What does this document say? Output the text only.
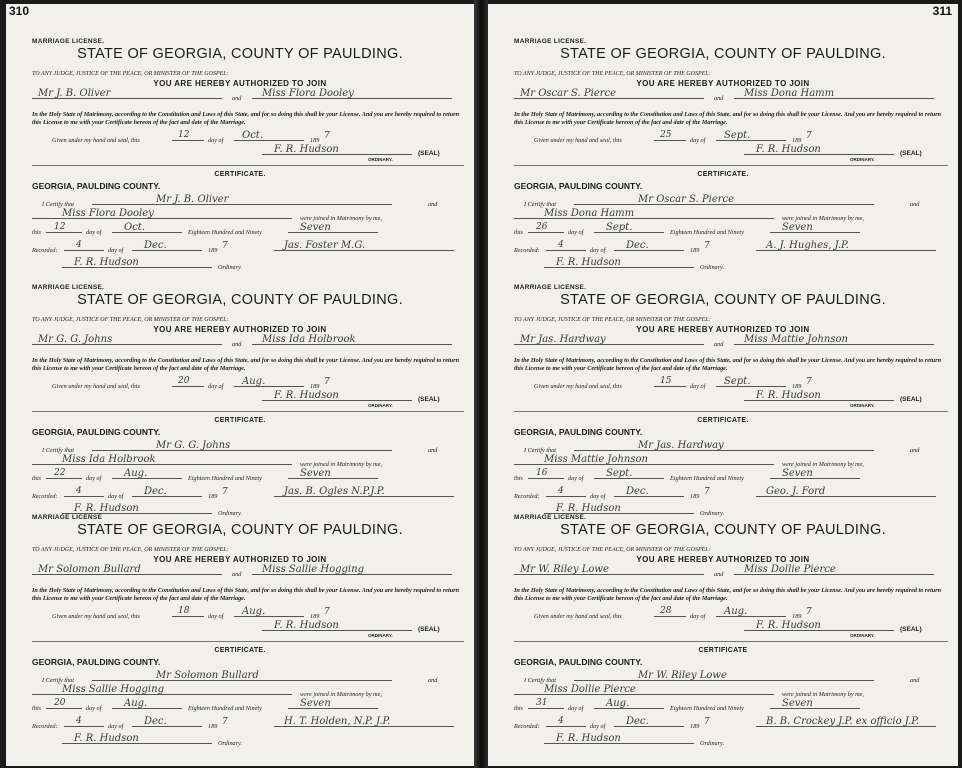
310
MARRIAGE LICENSE.
STATE OF GEORGIA, COUNTY OF PAULDING.
TO ANY JUDGE, JUSTICE OF THE PEACE, OR MINISTER OF THE GOSPEL:
YOU ARE HEREBY AUTHORIZED TO JOIN
Mr J. B. Oliver	and Miss Flora Dooley
In the Holy State of Matrimony, according to the Constitution and Laws of this State, and for so doing this shall be your License. And you are hereby required to return this License to me with your Certificate hereon of the fact and date of the Marriage.
Given under my hand and seal, this
12
day of Oct.	189 7
F. R. Hudson	(SEAL)
ORDINARY.
CERTIFICATE.
GEORGIA, PAULDING COUNTY.
I Certify that	Mr J. B. Oliver	and
Miss Flora Dooley	were joined in Matrimony by me,
this
12
day of Oct.	Eighteen Hundred and Ninety	Seven
Recorded:
4
day of Dec.	189 7	Jas. Foster M.G.
F. R. Hudson	Ordinary.
MARRIAGE LICENSE.
STATE OF GEORGIA, COUNTY OF PAULDING.
TO ANY JUDGE, JUSTICE OF THE PEACE, OR MINISTER OF THE GOSPEL:
YOU ARE HEREBY AUTHORIZED TO JOIN
Mr G. G. Johns	and Miss Ida Holbrook
In the Holy State of Matrimony, according to the Constitution and Laws of this State, and for so doing this shall be your License. And you are hereby required to return this License to me with your Certificate hereon of the fact and date of the Marriage.
Given under my hand and seal, this
20
day of Aug.	189 7
F. R. Hudson	(SEAL)
ORDINARY.
CERTIFICATE.
GEORGIA, PAULDING COUNTY.
I Certify that	Mr G. G. Johns	and
Miss Ida Holbrook	were joined in Matrimony by me,
this
22
day of Aug.	Eighteen Hundred and Ninety	Seven
Recorded:
4
day of Dec.	189 7	Jas. B. Ogles N.P.J.P.
F. R. Hudson	Ordinary.
MARRIAGE LICENSE
STATE OF GEORGIA, COUNTY OF PAULDING.
TO ANY JUDGE, JUSTICE OF THE PEACE, OR MINISTER OF THE GOSPEL:
YOU ARE HEREBY AUTHORIZED TO JOIN
Mr Solomon Bullard	and Miss Sallie Hogging
In the Holy State of Matrimony, according to the Constitution and Laws of this State, and for so doing this shall be your License. And you are hereby required to return this License to me with your Certificate hereon of the fact and date of the Marriage.
Given under my hand and seal, this
18
day of Aug.	189 7
F. R. Hudson	(SEAL)
ORDINARY.
CERTIFICATE.
GEORGIA, PAULDING COUNTY.
I Certify that	Mr Solomon Bullard	and
Miss Sallie Hogging	were joined in Matrimony by me,
this
20
day of Aug.	Eighteen Hundred and Ninety	Seven
Recorded:
4
day of Dec.	189 7	H. T. Holden, N.P. J.P.
F. R. Hudson	Ordinary.
311
MARRIAGE LICENSE.
STATE OF GEORGIA, COUNTY OF PAULDING.
TO ANY JUDGE, JUSTICE OF THE PEACE, OR MINISTER OF THE GOSPEL:
YOU ARE HEREBY AUTHORIZED TO JOIN
Mr Oscar S. Pierce	and Miss Dona Hamm
In the Holy State of Matrimony, according to the Constitution and Laws of this State, and for so doing this shall be your License. And you are hereby required to return this License to me with your Certificate hereon of the fact and date of the Marriage.
Given under my hand and seal, this
25
day of Sept.	189 7
F. R. Hudson	(SEAL)
ORDINARY.
CERTIFICATE.
GEORGIA, PAULDING COUNTY.
I Certify that	Mr Oscar S. Pierce	and
Miss Dona Hamm	were joined in Matrimony by me,
this
26
day of Sept.	Eighteen Hundred and Ninety	Seven
Recorded:
4
day of Dec.	189 7	A. J. Hughes, J.P.
F. R. Hudson	Ordinary.
MARRIAGE LICENSE.
STATE OF GEORGIA, COUNTY OF PAULDING.
TO ANY JUDGE, JUSTICE OF THE PEACE, OR MINISTER OF THE GOSPEL:
YOU ARE HEREBY AUTHORIZED TO JOIN
Mr Jas. Hardway	and Miss Mattie Johnson
In the Holy State of Matrimony, according to the Constitution and Laws of this State, and for so doing this shall be your License. And you are hereby required to return this License to me with your Certificate hereon of the fact and date of the Marriage.
Given under my hand and seal, this
15
day of Sept.	189 7
F. R. Hudson	(SEAL)
ORDINARY.
CERTIFICATE.
GEORGIA, PAULDING COUNTY.
I Certify that	Mr Jas. Hardway	and
Miss Mattie Johnson	were joined in Matrimony by me,
this
16
day of Sept.	Eighteen Hundred and Ninety	Seven
Recorded:
4
day of Dec.	189 7	Geo. J. Ford
F. R. Hudson	Ordinary.
MARRIAGE LICENSE.
STATE OF GEORGIA, COUNTY OF PAULDING.
TO ANY JUDGE, JUSTICE OF THE PEACE, OR MINISTER OF THE GOSPEL:
YOU ARE HEREBY AUTHORIZED TO JOIN
Mr W. Riley Lowe	and Miss Dollie Pierce
In the Holy State of Matrimony, according to the Constitution and Laws of this State, and for so doing this shall be your License. And you are hereby required to return this License to me with your Certificate hereon of the fact and date of the Marriage.
Given under my hand and seal, this
28
day of Aug.	189 7
F. R. Hudson	(SEAL)
ORDINARY.
CERTIFICATE
GEORGIA, PAULDING COUNTY.
I Certify that	Mr W. Riley Lowe	and
Miss Dollie Pierce	were joined in Matrimony by me,
this
31
day of Aug.	Eighteen Hundred and Ninety	Seven
Recorded:
4
day of Dec.	189 7	B. B. Crockey J.P. ex officio J.P.
F. R. Hudson	Ordinary.
